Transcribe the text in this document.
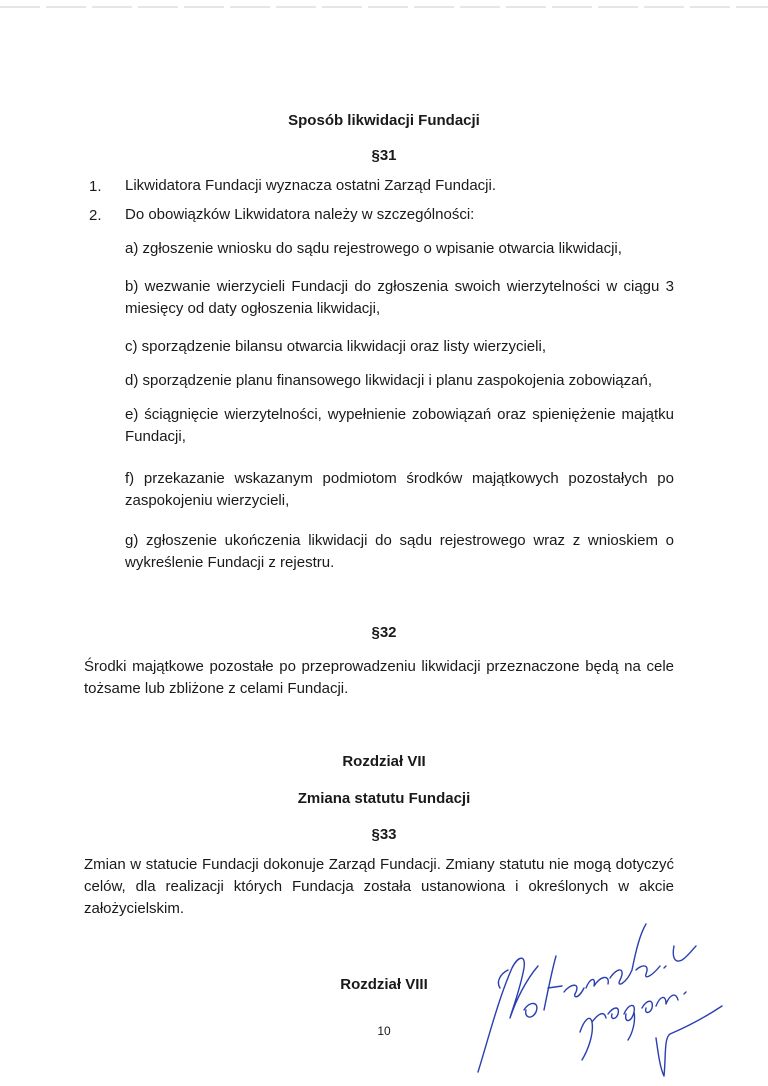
Sposób likwidacji Fundacji
§31
1. Likwidatora Fundacji wyznacza ostatni Zarząd Fundacji.
2. Do obowiązków Likwidatora należy w szczególności:
a) zgłoszenie wniosku do sądu rejestrowego o wpisanie otwarcia likwidacji,
b) wezwanie wierzycieli Fundacji do zgłoszenia swoich wierzytelności w ciągu 3 miesięcy od daty ogłoszenia likwidacji,
c) sporządzenie bilansu otwarcia likwidacji oraz listy wierzycieli,
d) sporządzenie planu finansowego likwidacji i planu zaspokojenia zobowiązań,
e) ściągnięcie wierzytelności, wypełnienie zobowiązań oraz spieniężenie majątku Fundacji,
f) przekazanie wskazanym podmiotom środków majątkowych pozostałych po zaspokojeniu wierzycieli,
g) zgłoszenie ukończenia likwidacji do sądu rejestrowego wraz z wnioskiem o wykreślenie Fundacji z rejestru.
§32
Środki majątkowe pozostałe po przeprowadzeniu likwidacji przeznaczone będą na cele tożsame lub zbliżone z celami Fundacji.
Rozdział VII
Zmiana statutu Fundacji
§33
Zmian w statucie Fundacji dokonuje Zarząd Fundacji. Zmiany statutu nie mogą dotyczyć celów, dla realizacji których Fundacja została ustanowiona i określonych w akcie założycielskim.
Rozdział VIII
10
